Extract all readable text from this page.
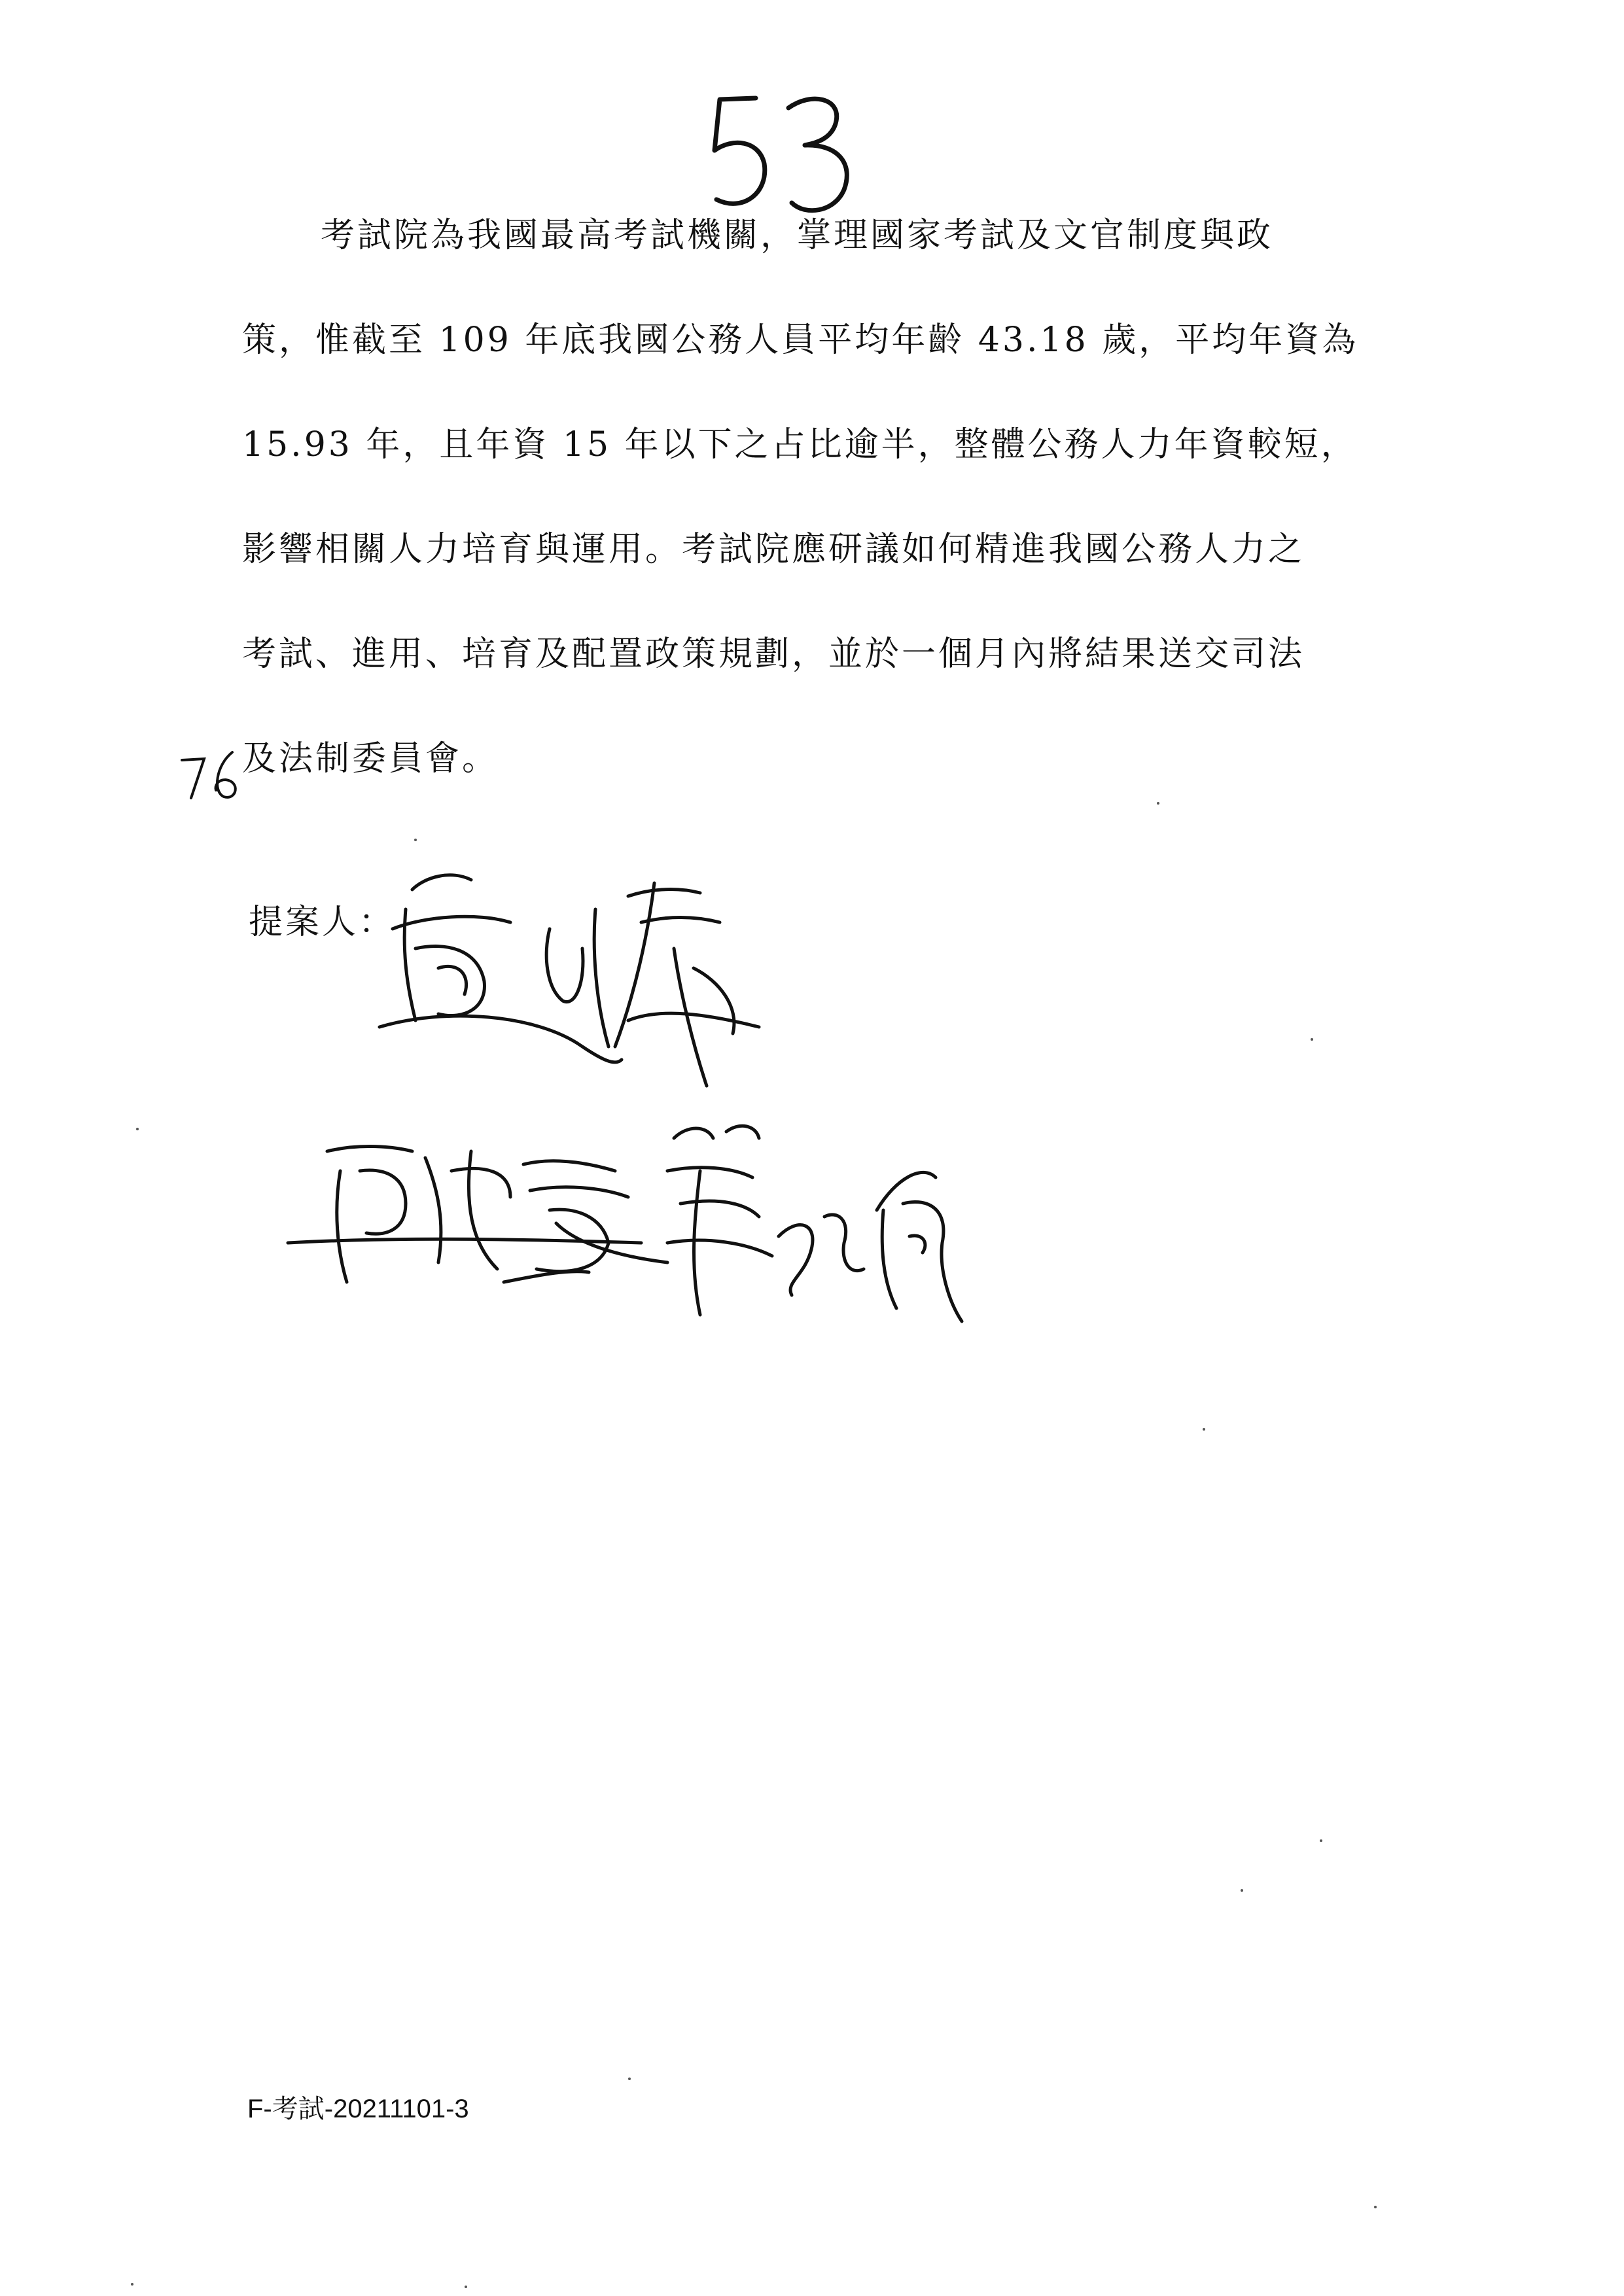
考試院為我國最高考試機關，掌理國家考試及文官制度與政
策，惟截至 109 年底我國公務人員平均年齡 43.18 歲，平均年資為
15.93 年，且年資 15 年以下之占比逾半，整體公務人力年資較短，
影響相關人力培育與運用。考試院應研議如何精進我國公務人力之
考試、進用、培育及配置政策規劃，並於一個月內將結果送交司法
及法制委員會。
提案人：
F-考試-20211101-3
